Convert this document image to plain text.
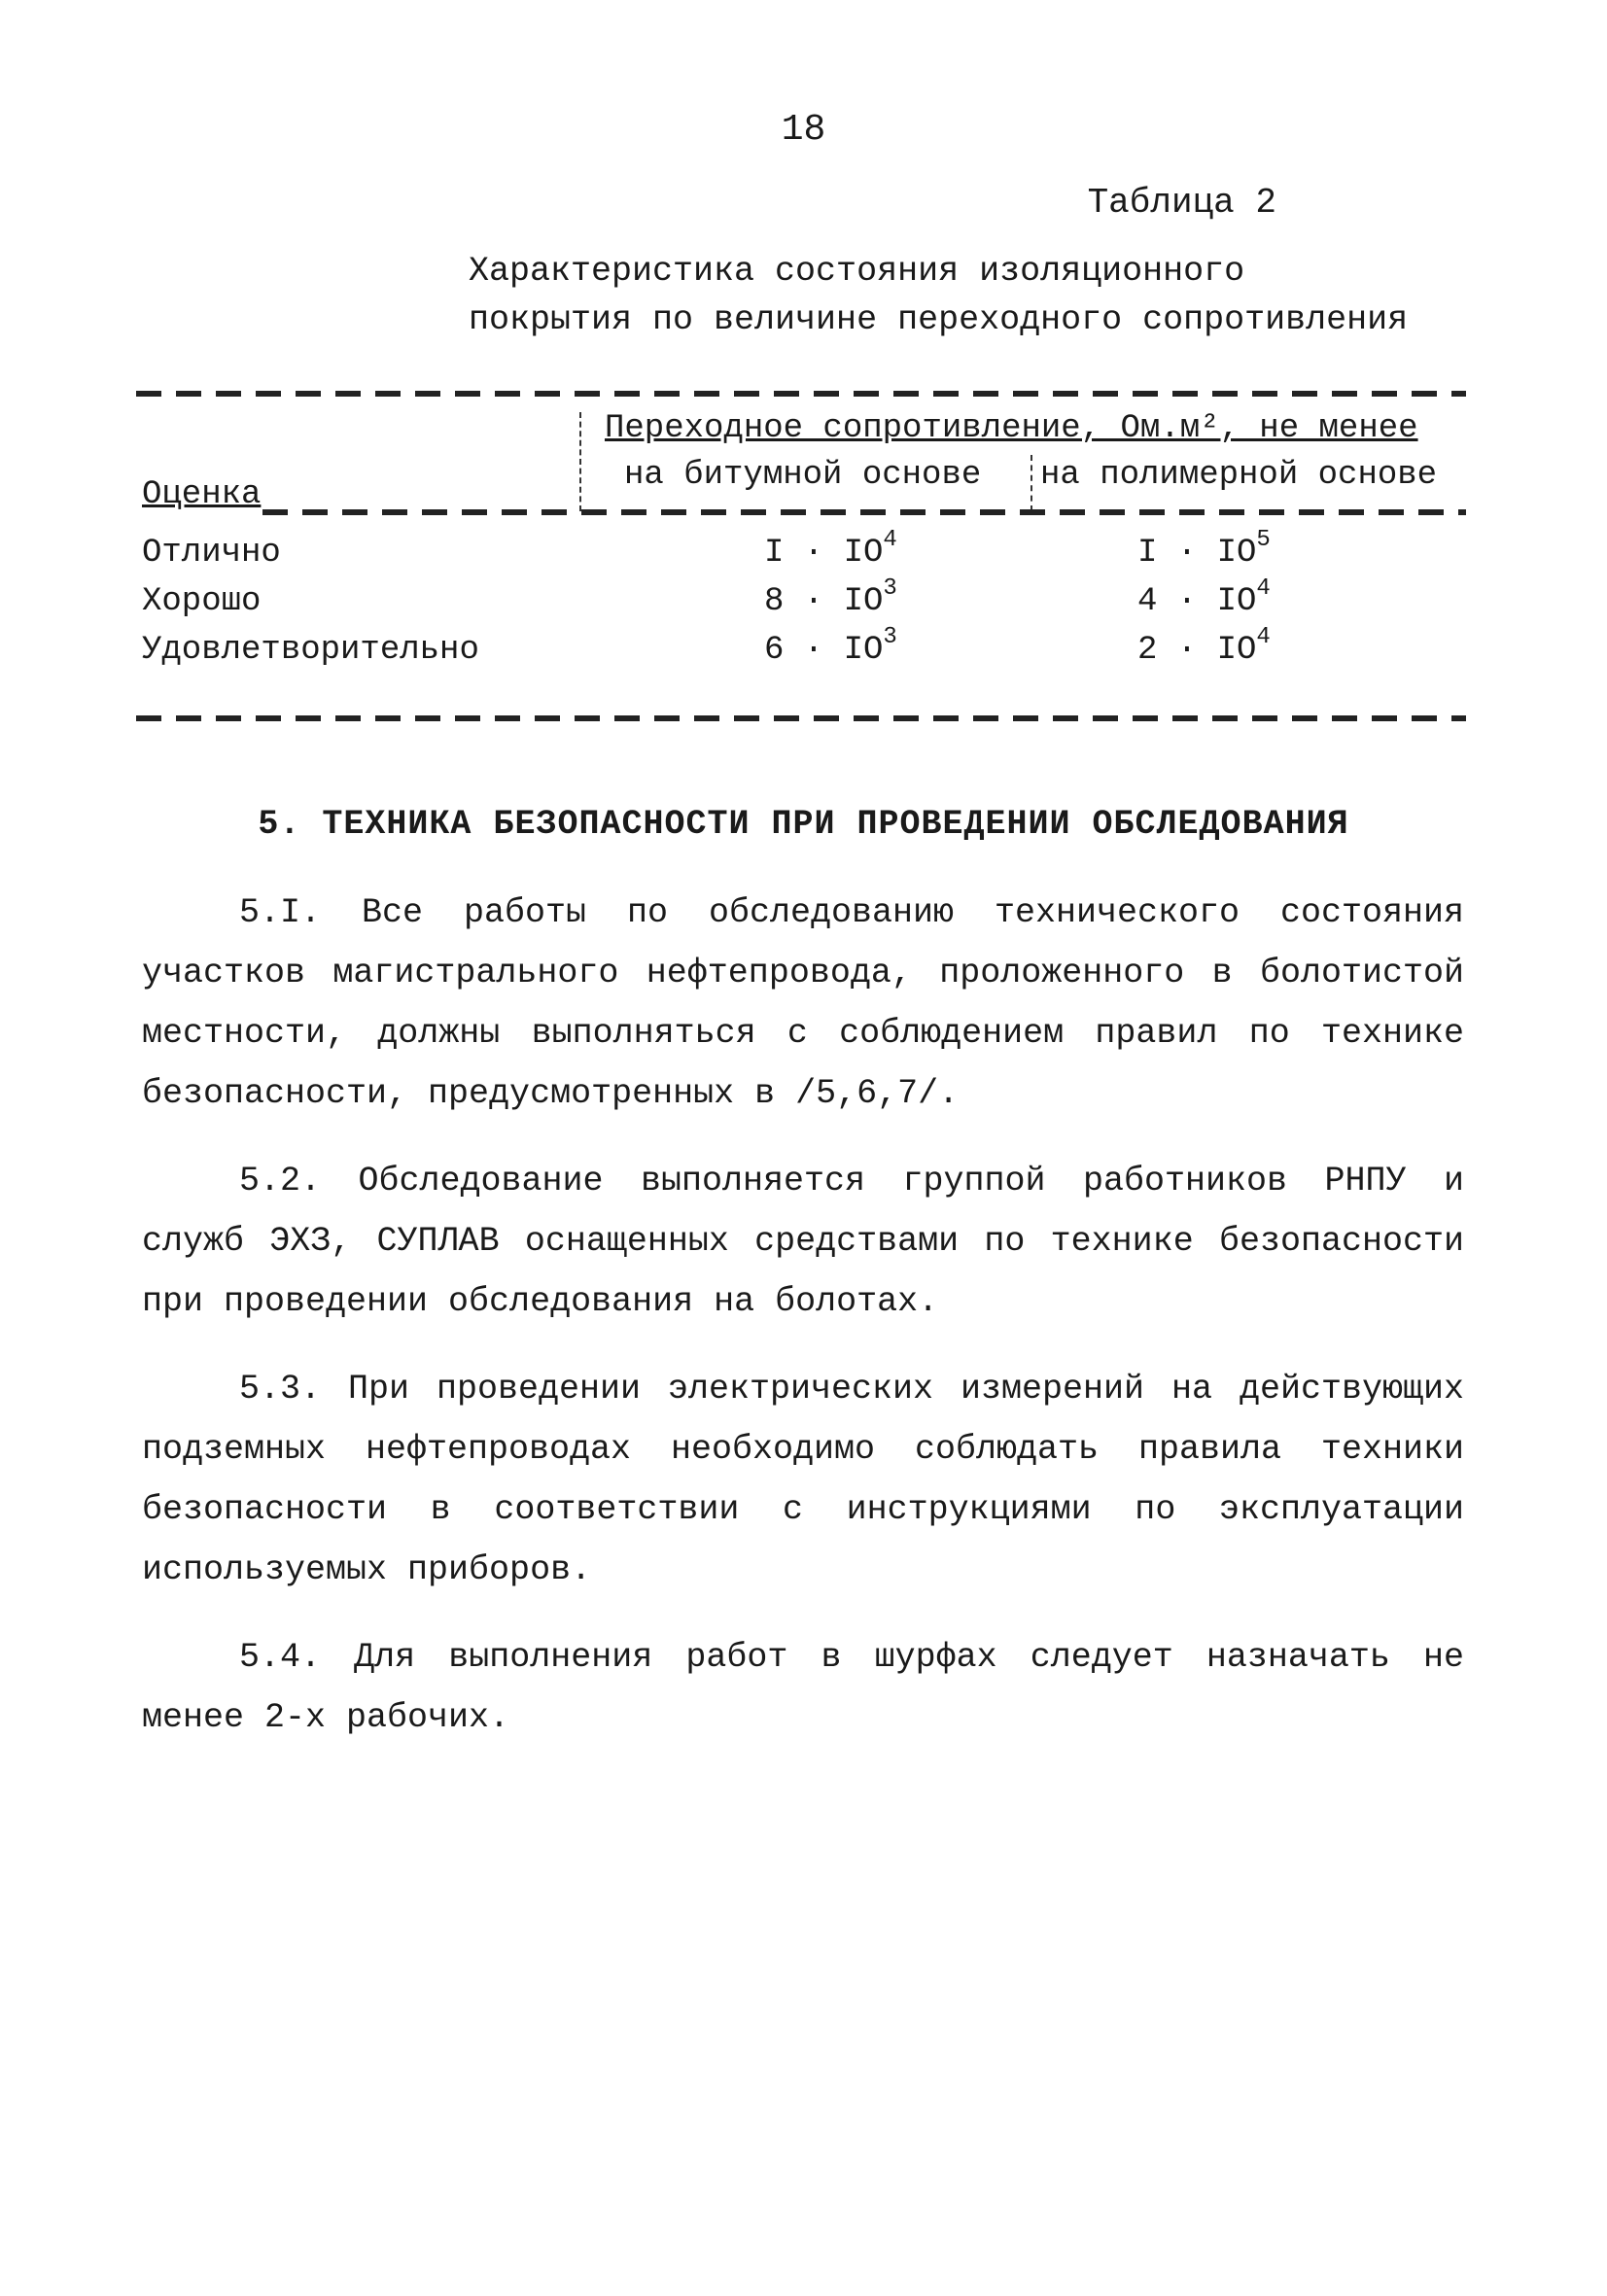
18
Таблица 2
Характеристика состояния изоляционного
покрытия по величине переходного сопротивления
Переходное сопротивление, Ом.м², не менее
на битумной основе на полимерной основе
Оценка
Отлично	$I \cdot IO^4$	$I \cdot IO^5$
Хорошо	$8 \cdot IO^3$	$4 \cdot IO^4$
Удовлетворительно	$6 \cdot IO^3$	$2 \cdot IO^4$
5. ТЕХНИКА БЕЗОПАСНОСТИ ПРИ ПРОВЕДЕНИИ ОБСЛЕДОВАНИЯ

5.I. Все работы по обследованию технического состояния участков магистрального нефтепровода, проложенного в болотистой местности, должны выполняться с соблюдением правил по технике безопасности, предусмотренных в /5,6,7/.

5.2. Обследование выполняется группой работников РНПУ и служб ЭХЗ, СУПЛАВ оснащенных средствами по технике безопасности при проведении обследования на болотах.

5.3. При проведении электрических измерений на действующих подземных нефтепроводах необходимо соблюдать правила техники безопасности в соответствии с инструкциями по эксплуатации используемых приборов.

5.4. Для выполнения работ в шурфах следует назначать не менее 2-х рабочих.
